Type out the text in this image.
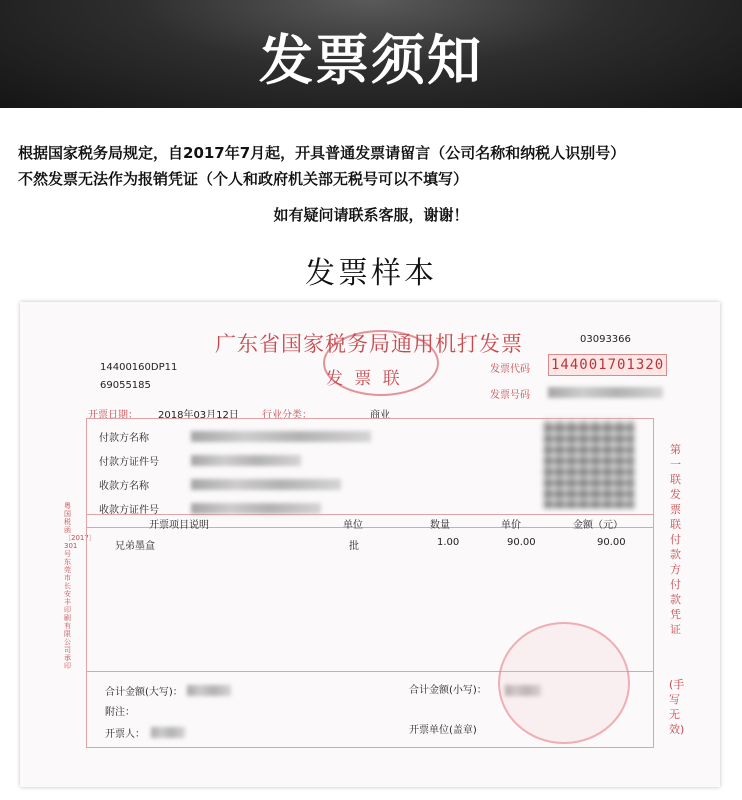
发票须知
根据国家税务局规定，自2017年7月起，开具普通发票请留言（公司名称和纳税人识别号）
不然发票无法作为报销凭证（个人和政府机关部无税号可以不填写）
如有疑问请联系客服，谢谢！
发票样本
广东省国家税务局通用机打发票
发 票 联
03093366
14400160DP11
69055185
发票代码 144001701320
发票号码
开票日期： 2018年03月12日 行业分类：	商业
粤国税函〔2017〕301号 东莞市长安丰印刷有限公司承印
付款方名称
付款方证件号
收款方名称
收款方证件号
开票项目说明	单位	数量	单价	金额（元）
兄弟墨盒	批	1.00	90.00	90.00
合计金额(大写)：	合计金额(小写)：
附注：
开票人：	开票单位(盖章)
第一联 发票联 付款方付款凭证
(手写无效)
